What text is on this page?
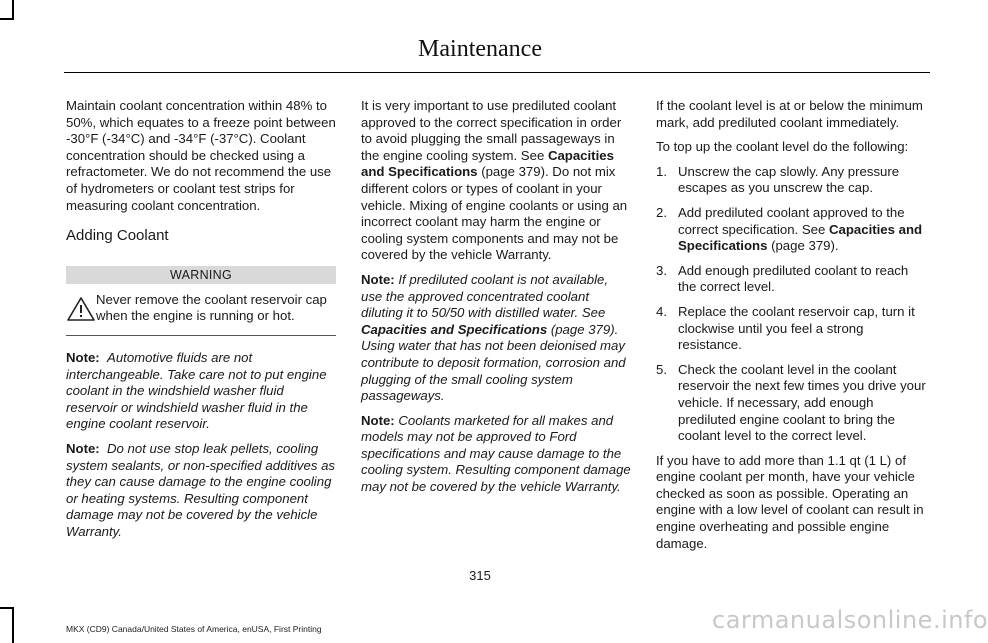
Maintenance

Maintain coolant concentration within 48% to 50%, which equates to a freeze point between -30°F (-34°C) and -34°F (-37°C). Coolant concentration should be checked using a refractometer. We do not recommend the use of hydrometers or coolant test strips for measuring coolant concentration.

Adding Coolant
WARNING
Never remove the coolant reservoir cap when the engine is running or hot.

Note: Automotive fluids are not interchangeable. Take care not to put engine coolant in the windshield washer fluid reservoir or windshield washer fluid in the engine coolant reservoir.

Note: Do not use stop leak pellets, cooling system sealants, or non-specified additives as they can cause damage to the engine cooling or heating systems. Resulting component damage may not be covered by the vehicle Warranty.

It is very important to use prediluted coolant approved to the correct specification in order to avoid plugging the small passageways in the engine cooling system. See Capacities and Specifications (page 379). Do not mix different colors or types of coolant in your vehicle. Mixing of engine coolants or using an incorrect coolant may harm the engine or cooling system components and may not be covered by the vehicle Warranty.

Note: If prediluted coolant is not available, use the approved concentrated coolant diluting it to 50/50 with distilled water. See Capacities and Specifications (page 379). Using water that has not been deionised may contribute to deposit formation, corrosion and plugging of the small cooling system passageways.

Note: Coolants marketed for all makes and models may not be approved to Ford specifications and may cause damage to the cooling system. Resulting component damage may not be covered by the vehicle Warranty.

If the coolant level is at or below the minimum mark, add prediluted coolant immediately.

To top up the coolant level do the following:

1. Unscrew the cap slowly. Any pressure escapes as you unscrew the cap.
2. Add prediluted coolant approved to the correct specification. See Capacities and Specifications (page 379).
3. Add enough prediluted coolant to reach the correct level.
4. Replace the coolant reservoir cap, turn it clockwise until you feel a strong resistance.
5. Check the coolant level in the coolant reservoir the next few times you drive your vehicle. If necessary, add enough prediluted engine coolant to bring the coolant level to the correct level.

If you have to add more than 1.1 qt (1 L) of engine coolant per month, have your vehicle checked as soon as possible. Operating an engine with a low level of coolant can result in engine overheating and possible engine damage.

315
MKX (CD9) Canada/United States of America, enUSA, First Printing	carmanualsonline.info
